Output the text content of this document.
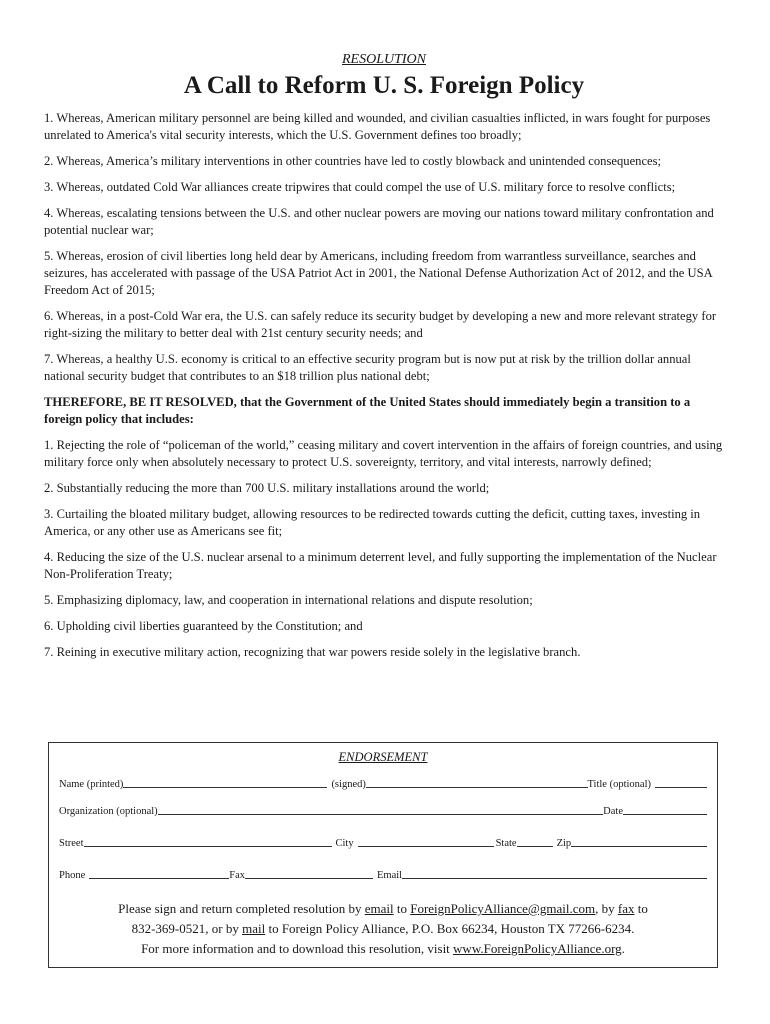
RESOLUTION
A Call to Reform U. S. Foreign Policy
1. Whereas, American military personnel are being killed and wounded, and civilian casualties inflicted, in wars fought for purposes unrelated to America's vital security interests, which the U.S. Government defines too broadly;
2. Whereas, America’s military interventions in other countries have led to costly blowback and unintended consequences;
3. Whereas, outdated Cold War alliances create tripwires that could compel the use of U.S. military force to resolve conflicts;
4. Whereas, escalating tensions between the U.S. and other nuclear powers are moving our nations toward military confrontation and potential nuclear war;
5. Whereas, erosion of civil liberties long held dear by Americans, including freedom from warrantless surveillance, searches and seizures, has accelerated with passage of the USA Patriot Act in 2001, the National Defense Authorization Act of 2012, and the USA Freedom Act of 2015;
6. Whereas, in a post-Cold War era, the U.S. can safely reduce its security budget by developing a new and more relevant strategy for right-sizing the military to better deal with 21st century security needs; and
7. Whereas, a healthy U.S. economy is critical to an effective security program but is now put at risk by the trillion dollar annual national security budget that contributes to an $18 trillion plus national debt;
THEREFORE, BE IT RESOLVED, that the Government of the United States should immediately begin a transition to a foreign policy that includes:
1. Rejecting the role of “policeman of the world,” ceasing military and covert intervention in the affairs of foreign countries, and using military force only when absolutely necessary to protect U.S. sovereignty, territory, and vital interests, narrowly defined;
2. Substantially reducing the more than 700 U.S. military installations around the world;
3. Curtailing the bloated military budget, allowing resources to be redirected towards cutting the deficit, cutting taxes, investing in America, or any other use as Americans see fit;
4. Reducing the size of the U.S. nuclear arsenal to a minimum deterrent level, and fully supporting the implementation of the Nuclear Non-Proliferation Treaty;
5. Emphasizing diplomacy, law, and cooperation in international relations and dispute resolution;
6. Upholding civil liberties guaranteed by the Constitution; and
7. Reining in executive military action, recognizing that war powers reside solely in the legislative branch.
ENDORSEMENT
Name (printed)	(signed)	Title (optional)
Organization (optional)	Date
Street	City	State	Zip
Phone	Fax	Email
Please sign and return completed resolution by email to ForeignPolicyAlliance@gmail.com, by fax to
832-369-0521, or by mail to Foreign Policy Alliance, P.O. Box 66234, Houston TX 77266-6234.
For more information and to download this resolution, visit www.ForeignPolicyAlliance.org.
